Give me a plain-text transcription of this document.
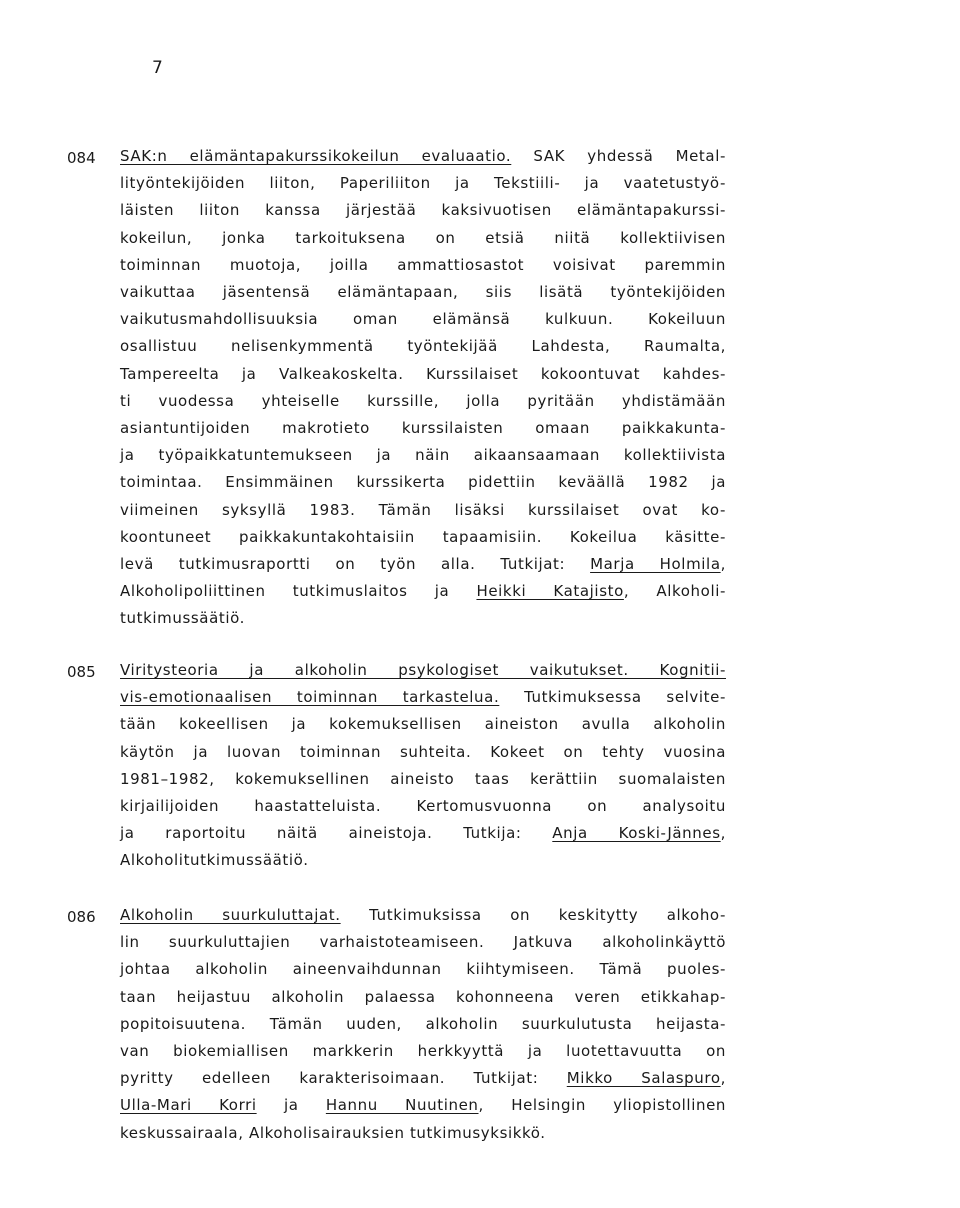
7
084 SAK:n elämäntapakurssikokeilun evaluaatio. SAK yhdessä Metal-
lityöntekijöiden liiton, Paperiliiton ja Tekstiili- ja vaatetustyö-
läisten liiton kanssa järjestää kaksivuotisen elämäntapakurssi-
kokeilun, jonka tarkoituksena on etsiä niitä kollektiivisen
toiminnan muotoja, joilla ammattiosastot voisivat paremmin
vaikuttaa jäsentensä elämäntapaan, siis lisätä työntekijöiden
vaikutusmahdollisuuksia oman elämänsä kulkuun. Kokeiluun
osallistuu nelisenkymmentä työntekijää Lahdesta, Raumalta,
Tampereelta ja Valkeakoskelta. Kurssilaiset kokoontuvat kahdes-
ti vuodessa yhteiselle kurssille, jolla pyritään yhdistämään
asiantuntijoiden makrotieto kurssilaisten omaan paikkakunta-
ja työpaikkatuntemukseen ja näin aikaansaamaan kollektiivista
toimintaa. Ensimmäinen kurssikerta pidettiin keväällä 1982 ja
viimeinen syksyllä 1983. Tämän lisäksi kurssilaiset ovat ko-
koontuneet paikkakuntakohtaisiin tapaamisiin. Kokeilua käsitte-
levä tutkimusraportti on työn alla. Tutkijat: Marja Holmila,
Alkoholipoliittinen tutkimuslaitos ja Heikki Katajisto, Alkoholi-
tutkimussäätiö.
085 Viritysteoria ja alkoholin psykologiset vaikutukset. Kognitii-
vis-emotionaalisen toiminnan tarkastelua. Tutkimuksessa selvite-
tään kokeellisen ja kokemuksellisen aineiston avulla alkoholin
käytön ja luovan toiminnan suhteita. Kokeet on tehty vuosina
1981–1982, kokemuksellinen aineisto taas kerättiin suomalaisten
kirjailijoiden haastatteluista. Kertomusvuonna on analysoitu
ja raportoitu näitä aineistoja. Tutkija: Anja Koski-Jännes,
Alkoholitutkimussäätiö.
086 Alkoholin suurkuluttajat. Tutkimuksissa on keskitytty alkoho-
lin suurkuluttajien varhaistoteamiseen. Jatkuva alkoholinkäyttö
johtaa alkoholin aineenvaihdunnan kiihtymiseen. Tämä puoles-
taan heijastuu alkoholin palaessa kohonneena veren etikkahap-
popitoisuutena. Tämän uuden, alkoholin suurkulutusta heijasta-
van biokemiallisen markkerin herkkyyttä ja luotettavuutta on
pyritty edelleen karakterisoimaan. Tutkijat: Mikko Salaspuro,
Ulla-Mari Korri ja Hannu Nuutinen, Helsingin yliopistollinen
keskussairaala, Alkoholisairauksien tutkimusyksikkö.
